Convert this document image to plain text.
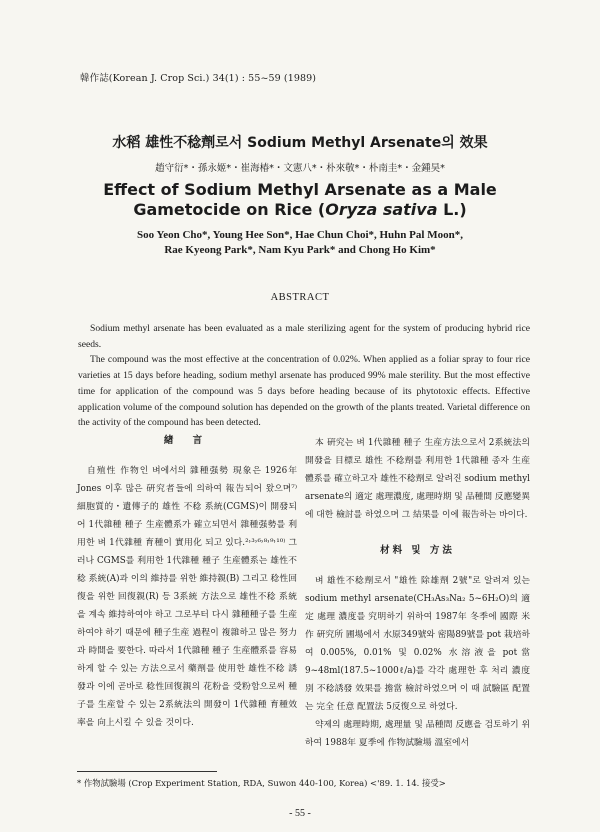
韓作誌(Korean J. Crop Sci.) 34(1) : 55~59 (1989)
水稻 雄性不稔劑로서 Sodium Methyl Arsenate의 效果
趙守衍*・孫永姬*・崔海椿*・文憲八*・朴來敬*・朴南圭*・金鍾昊*
Effect of Sodium Methyl Arsenate as a Male
Gametocide on Rice (Oryza sativa L.)
Soo Yeon Cho*, Young Hee Son*, Hae Chun Choi*, Huhn Pal Moon*,
Rae Kyeong Park*, Nam Kyu Park* and Chong Ho Kim*
ABSTRACT

Sodium methyl arsenate has been evaluated as a male sterilizing agent for the system of producing hybrid rice seeds.

The compound was the most effective at the concentration of 0.02%. When applied as a foliar spray to four rice varieties at 15 days before heading, sodium methyl arsenate has produced 99% male sterility. But the most effective time for application of the compound was 5 days before heading because of its phytotoxic effects. Effective application volume of the compound solution has depended on the growth of the plants treated. Varietal difference on the activity of the compound has been detected.

緖 言

自殖性 作物인 벼에서의 雜種强勢 現象은 1926年 Jones 이후 많은 硏究者들에 의하여 報告되어 왔으며⁷⁾ 細胞質的・遺傳子的 雄性 不稔 系統(CGMS)이 開發되어 1代雜種 種子 生産體系가 確立되면서 雜種强勢를 利用한 벼 1代雜種 育種이 實用化 되고 있다.²˒³˒⁶˒⁸˒⁹˒¹⁰⁾ 그러나 CGMS를 利用한 1代雜種 種子 生産體系는 雄性不稔 系統(A)과 이의 維持를 위한 維持親(B) 그리고 稔性回復을 위한 回復親(R) 등 3系統 方法으로 雄性不稔 系統을 계속 維持하여야 하고 그로부터 다시 雜種種子를 生産하여야 하기 때문에 種子生産 過程이 複雜하고 많은 努力과 時間을 要한다. 따라서 1代雜種 種子 生産體系를 容易하게 할 수 있는 方法으로서 藥劑를 使用한 雄性不稔 誘發과 이에 곧바로 稔性回復親의 花粉을 受粉함으로써 種子를 生産할 수 있는 2系統法의 開發이 1代雜種 育種效率을 向上시킬 수 있을 것이다.

本 硏究는 벼 1代雜種 種子 生産方法으로서 2系統法의 開發을 目標로 雄性 不稔劑를 利用한 1代雜種 종자 生産體系를 確立하고자 雄性不稔劑로 알려진 sodium methyl arsenate의 適定 處理濃度, 處理時期 및 品種間 反應變異에 대한 檢討를 하였으며 그 結果를 이에 報告하는 바이다.

材料 및 方法

벼 雄性不稔劑로서 "雄性 除雄劑 2號"로 알려져 있는 sodium methyl arsenate(CH₃As₃Na₂ 5~6H₂O)의 適定 處理 濃度를 究明하기 위하여 1987年 冬季에 國際 米作 硏究所 圃場에서 水原349號와 密陽89號를 pot 栽培하여 0.005%, 0.01% 및 0.02% 水溶液을 pot當 9~48ml(187.5~1000ℓ/a)를 각각 處理한 후 처리 濃度別 不稔誘發 效果를 擔當 檢討하였으며 이 때 試驗區 配置는 完全 任意 配置法 5反復으로 하였다.

약제의 處理時期, 處理量 및 品種間 反應을 검토하기 위하여 1988年 夏季에 作物試驗場 溫室에서

* 作物試驗場 (Crop Experiment Station, RDA, Suwon 440-100, Korea) <'89. 1. 14. 接受>
- 55 -
